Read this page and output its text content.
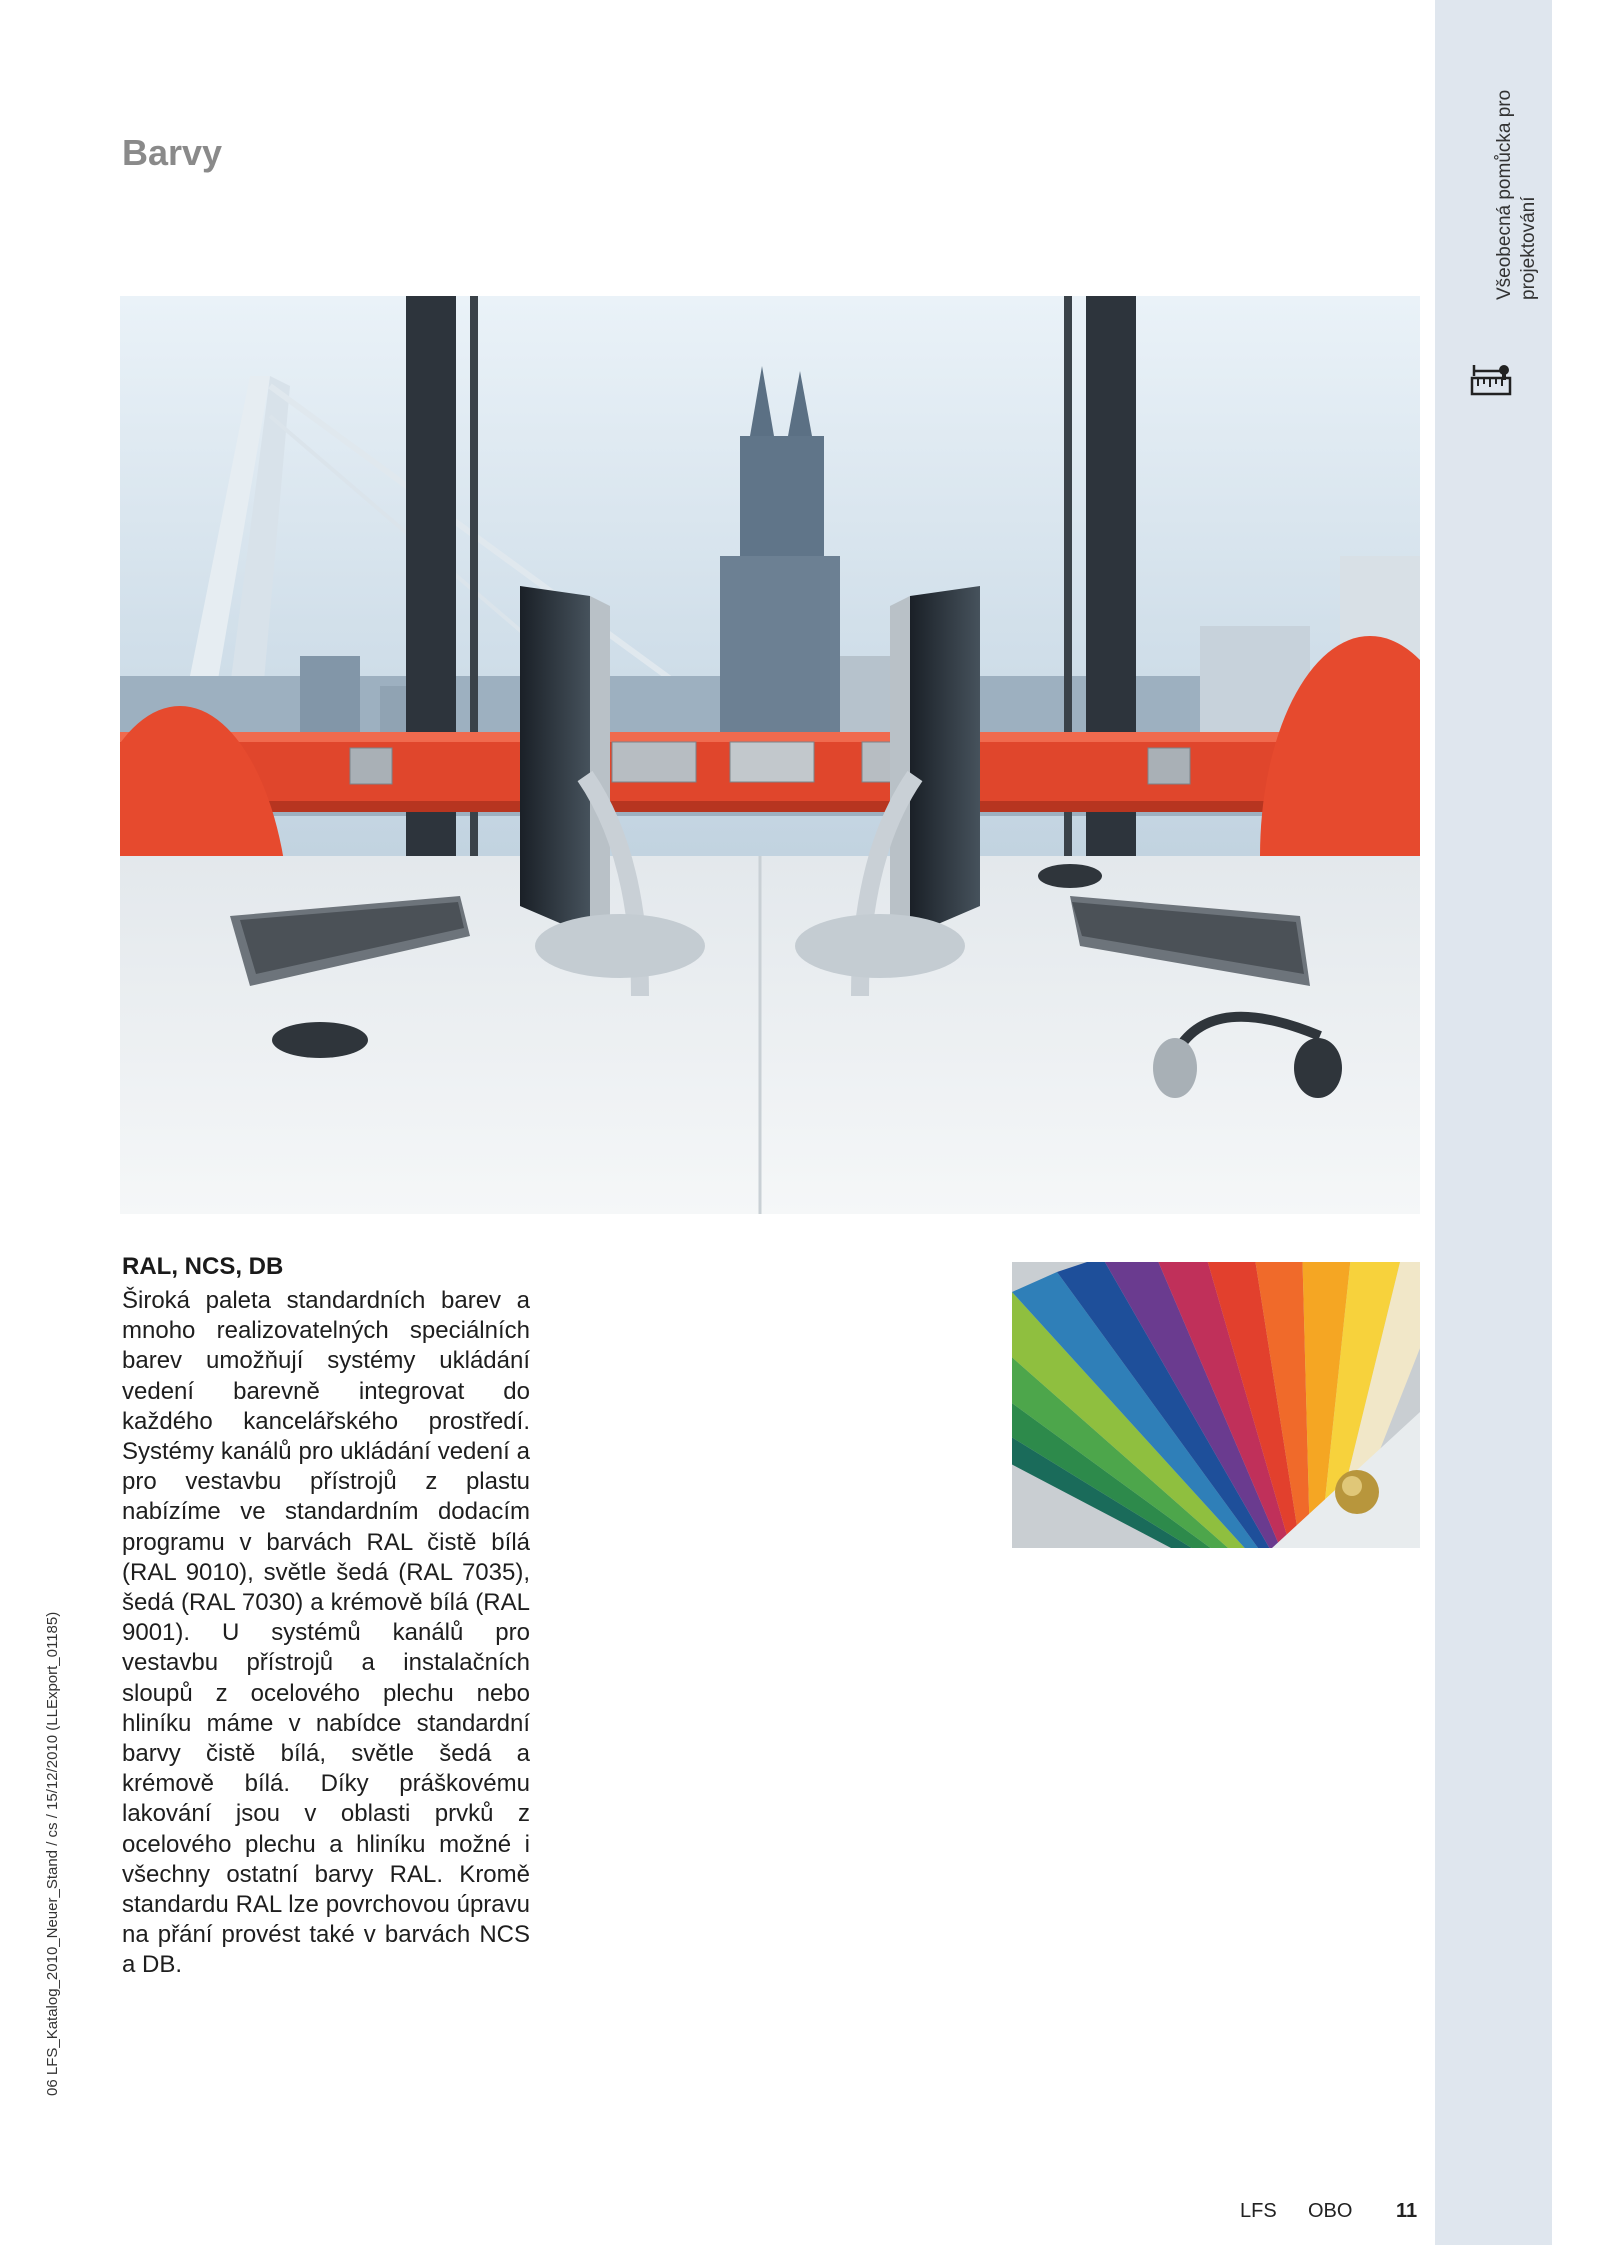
Všeobecná pomůcka pro projektování
Barvy
RAL, NCS, DB

Široká paleta standardních barev a mnoho realizovatelných speciálních barev umožňují systémy ukládání vedení barevně integrovat do každého kancelářského prostředí. Systémy kanálů pro ukládání vedení a pro vestavbu přístrojů z plastu nabízíme ve standardním dodacím programu v barvách RAL čistě bílá (RAL 9010), světle šedá (RAL 7035), šedá (RAL 7030) a krémově bílá (RAL 9001). U systémů kanálů pro vestavbu přístrojů a instalačních sloupů z ocelového plechu nebo hliníku máme v nabídce standardní barvy čistě bílá, světle šedá a krémově bílá. Díky práškovému lakování jsou v oblasti prvků z ocelového plechu a hliníku možné i všechny ostatní barvy RAL. Kromě standardu RAL lze povrchovou úpravu na přání provést také v barvách NCS a DB.

06 LFS_Katalog_2010_Neuer_Stand / cs / 15/12/2010 (LLExport_01185)
LFS OBO 11
